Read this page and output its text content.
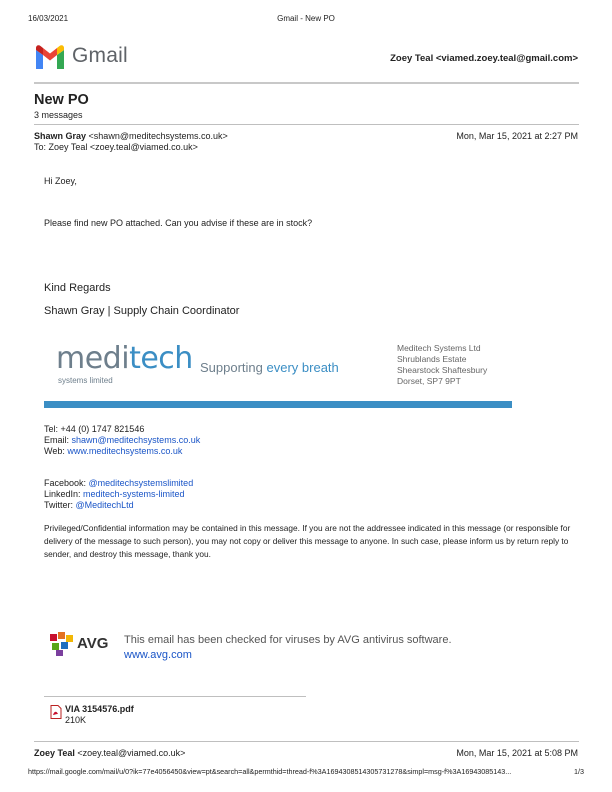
16/03/2021	Gmail - New PO
Gmail	Zoey Teal <viamed.zoey.teal@gmail.com>
New PO
3 messages
Shawn Gray <shawn@meditechsystems.co.uk>	Mon, Mar 15, 2021 at 2:27 PM
To: Zoey Teal <zoey.teal@viamed.co.uk>
Hi Zoey,
Please find new PO attached. Can you advise if these are in stock?
Kind Regards
Shawn Gray | Supply Chain Coordinator
meditech
systems limited
Supporting every breath
Meditech Systems Ltd
Shrublands Estate
Shearstock Shaftesbury
Dorset, SP7 9PT
Tel: +44 (0) 1747 821546
Email: shawn@meditechsystems.co.uk
Web: www.meditechsystems.co.uk
Facebook: @meditechsystemslimited
LinkedIn: meditech-systems-limited
Twitter: @MeditechLtd
Privileged/Confidential information may be contained in this message. If you are not the addressee indicated in this message (or responsible for delivery of the message to such person), you may not copy or deliver this message to anyone. In such case, please inform us by return reply to sender, and destroy this message, thank you.
AVG This email has been checked for viruses by AVG antivirus software.
www.avg.com
VIA 3154576.pdf
210K
Zoey Teal <zoey.teal@viamed.co.uk>	Mon, Mar 15, 2021 at 5:08 PM
https://mail.google.com/mail/u/0?ik=77e4056450&view=pt&search=all&permthid=thread-f%3A1694308514305731278&simpl=msg-f%3A16943085143...	1/3
